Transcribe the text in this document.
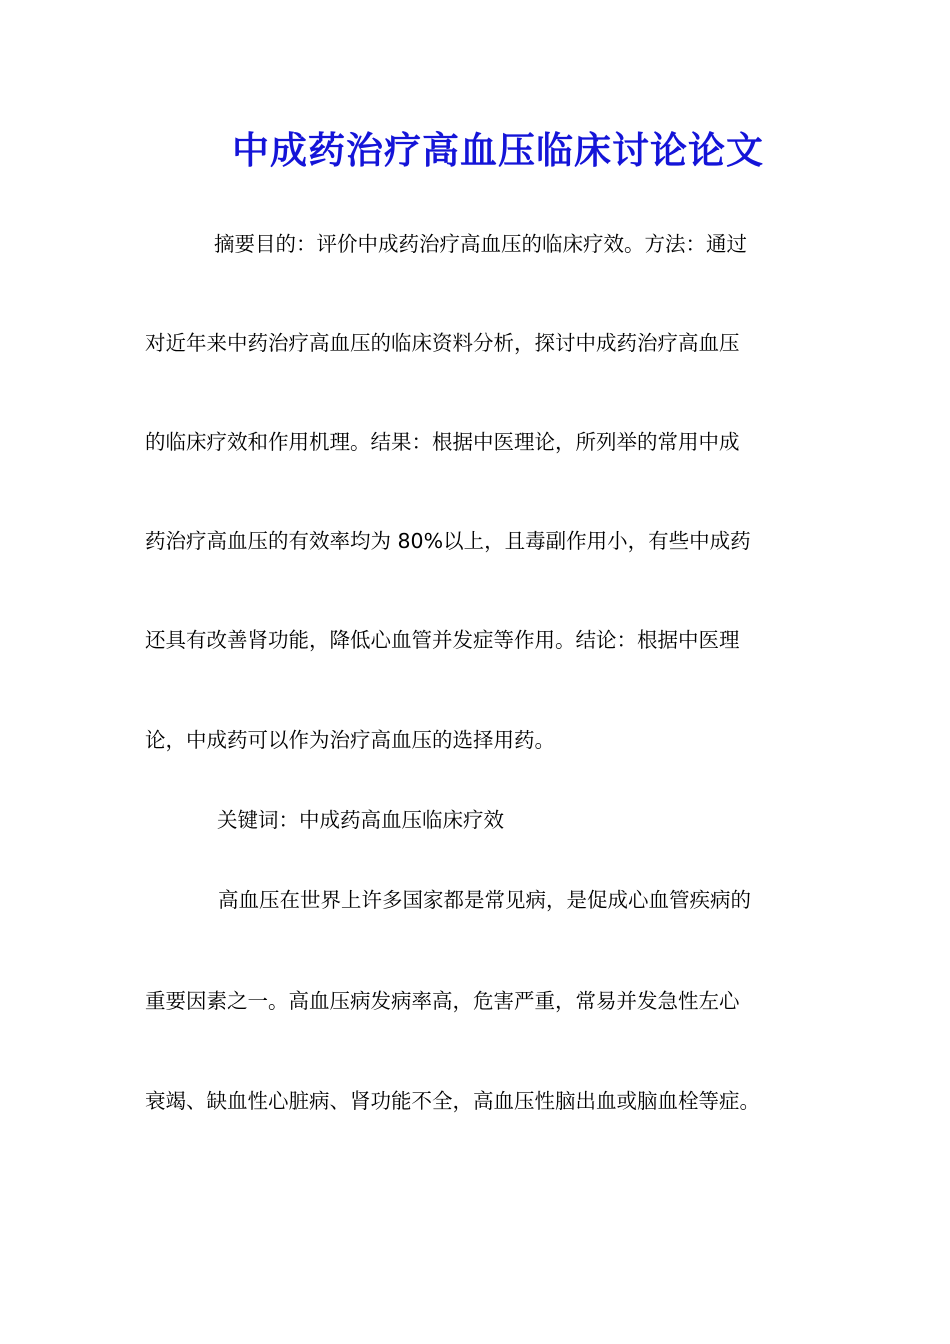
中成药治疗高血压临床讨论论文
摘要目的：评价中成药治疗高血压的临床疗效。方法：通过
对近年来中药治疗高血压的临床资料分析，探讨中成药治疗高血压
的临床疗效和作用机理。结果：根据中医理论，所列举的常用中成
药治疗高血压的有效率均为 80%以上，且毒副作用小，有些中成药
还具有改善肾功能，降低心血管并发症等作用。结论：根据中医理
论，中成药可以作为治疗高血压的选择用药。
关键词：中成药高血压临床疗效
高血压在世界上许多国家都是常见病，是促成心血管疾病的
重要因素之一。高血压病发病率高，危害严重，常易并发急性左心
衰竭、缺血性心脏病、肾功能不全，高血压性脑出血或脑血栓等症。
